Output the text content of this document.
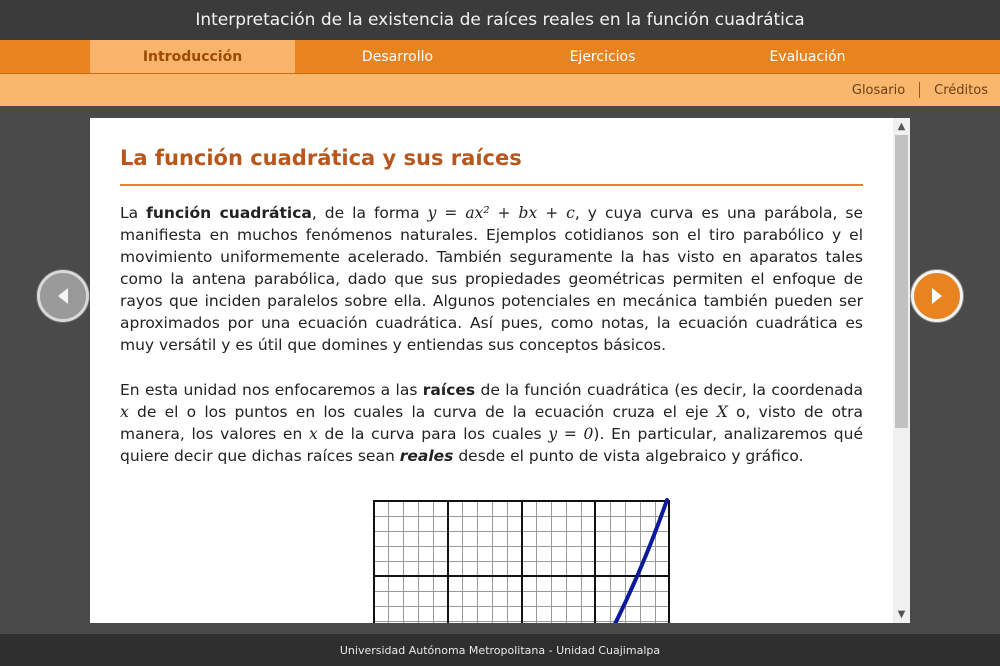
Interpretación de la existencia de raíces reales en la función cuadrática
Introducción	Desarrollo	Ejercicios	Evaluación
Glosario Créditos
La función cuadrática y sus raíces

La función cuadrática, de la forma y = ax² + bx + c, y cuya curva es una parábola, se manifiesta en muchos fenómenos naturales. Ejemplos cotidianos son el tiro parabólico y el movimiento uniformemente acelerado. También seguramente la has visto en aparatos tales como la antena parabólica, dado que sus propiedades geométricas permiten el enfoque de rayos que inciden paralelos sobre ella. Algunos potenciales en mecánica también pueden ser aproximados por una ecuación cuadrática. Así pues, como notas, la ecuación cuadrática es muy versátil y es útil que domines y entiendas sus conceptos básicos.

En esta unidad nos enfocaremos a las raíces de la función cuadrática (es decir, la coordenada x de el o los puntos en los cuales la curva de la ecuación cruza el eje X o, visto de otra manera, los valores en x de la curva para los cuales y = 0). En particular, analizaremos qué quiere decir que dichas raíces sean reales desde el punto de vista algebraico y gráfico.

▲
▼
Universidad Autónoma Metropolitana - Unidad Cuajimalpa
